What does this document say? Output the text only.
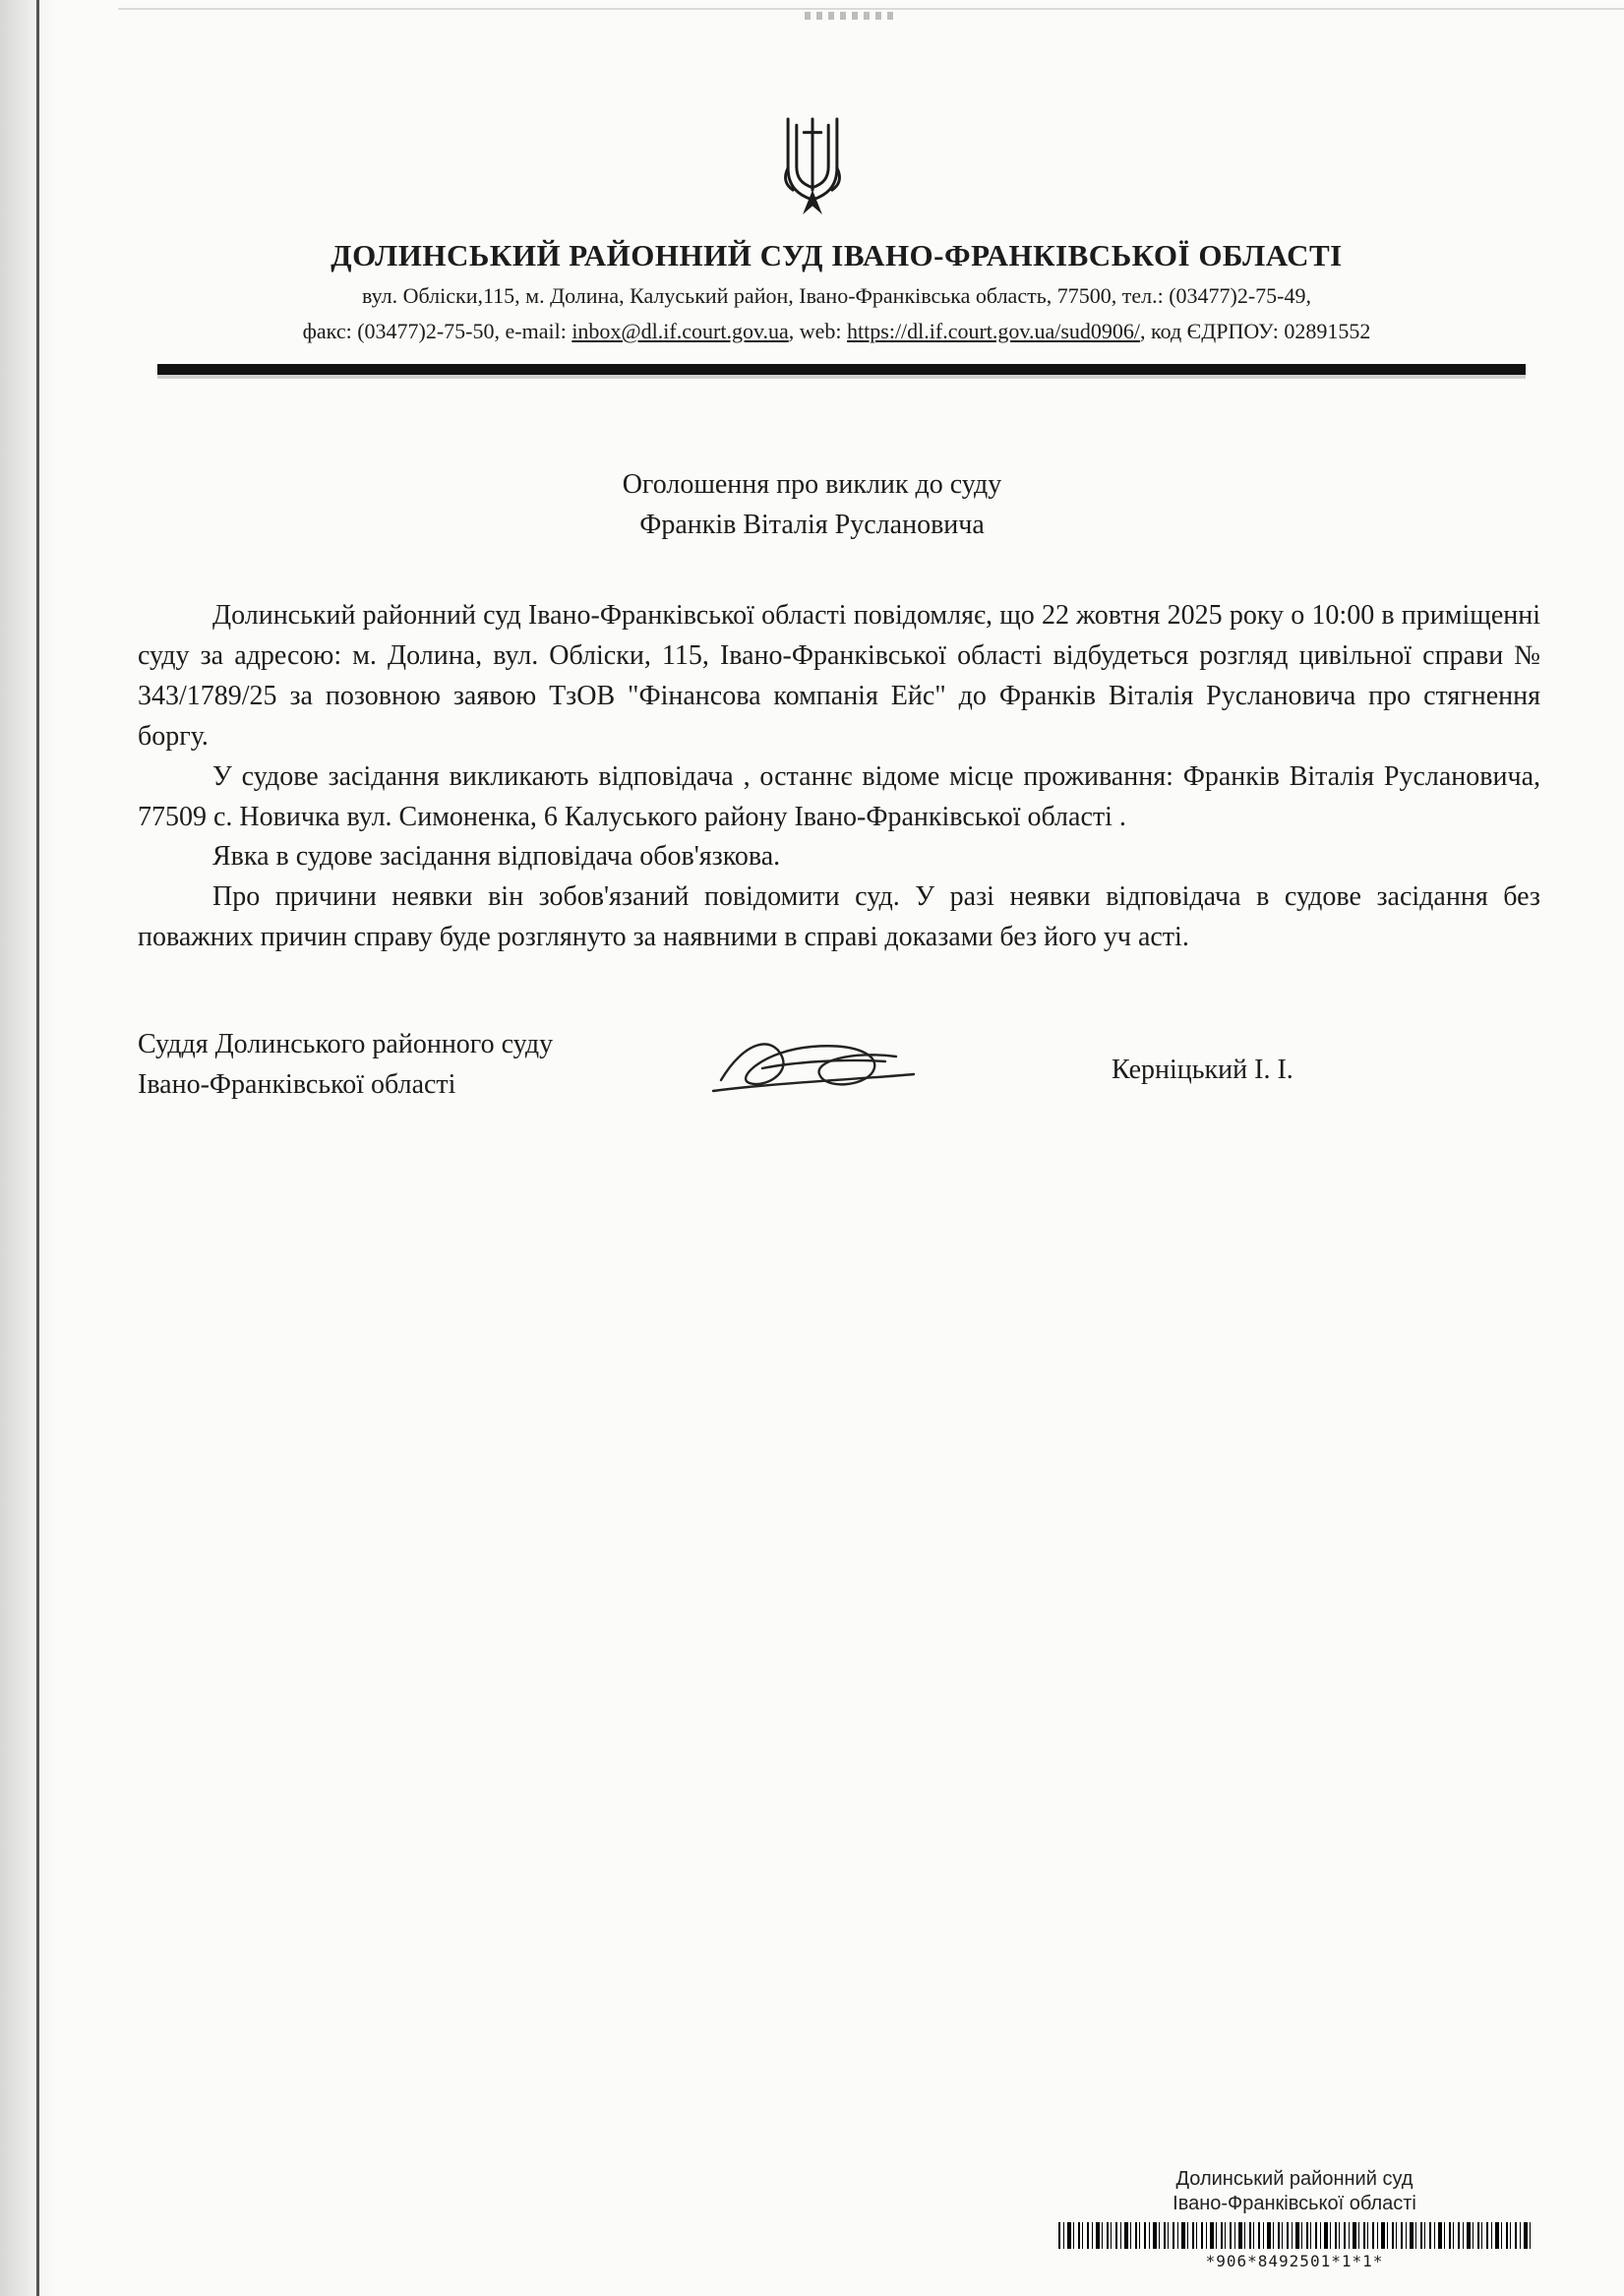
ДОЛИНСЬКИЙ РАЙОННИЙ СУД ІВАНО-ФРАНКІВСЬКОЇ ОБЛАСТІ
вул. Обліски,115, м. Долина, Калуський район, Івано-Франківська область, 77500, тел.: (03477)2-75-49,
факс: (03477)2-75-50, e-mail: inbox@dl.if.court.gov.ua, web: https://dl.if.court.gov.ua/sud0906/, код ЄДРПОУ: 02891552
Оголошення про виклик до суду
Франків Віталія Руслановича

Долинський районний суд Івано-Франківської області повідомляє, що 22 жовтня 2025 року о 10:00 в приміщенні суду за адресою: м. Долина, вул. Обліски, 115, Івано-Франківської області відбудеться розгляд цивільної справи № 343/1789/25 за позовною заявою ТзОВ "Фінансова компанія Ейс" до Франків Віталія Руслановича про стягнення боргу.

У судове засідання викликають відповідача , останнє відоме місце проживання: Франків Віталія Руслановича, 77509 с. Новичка вул. Симоненка, 6 Калуського району Івано-Франківської області .

Явка в судове засідання відповідача обов'язкова.

Про причини неявки він зобов'язаний повідомити суд. У разі неявки відповідача в судове засідання без поважних причин справу буде розглянуто за наявними в справі доказами без його уч асті.

Суддя Долинського районного суду
Івано-Франківської області	Керніцький І. І.
Долинський районний суд
Івано-Франківської області
*906*8492501*1*1*
